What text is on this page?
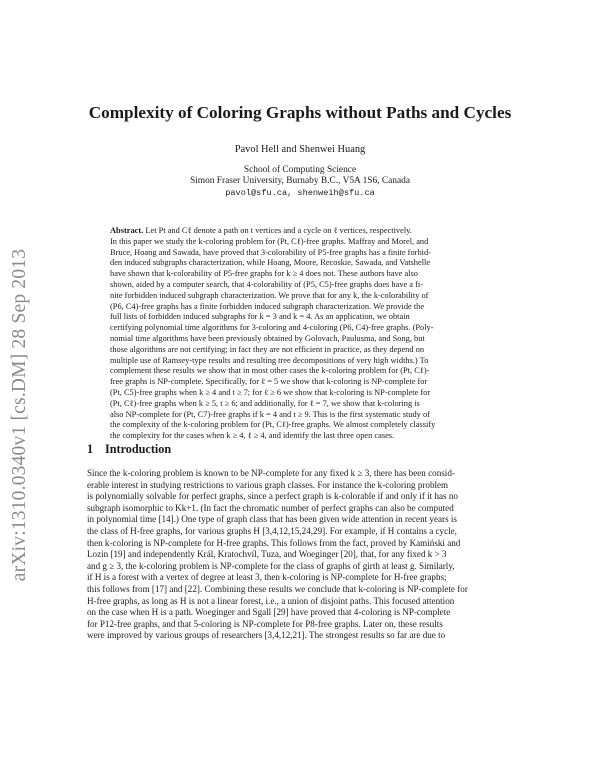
arXiv:1310.0340v1 [cs.DM] 28 Sep 2013
Complexity of Coloring Graphs without Paths and Cycles
Pavol Hell and Shenwei Huang
School of Computing Science
Simon Fraser University, Burnaby B.C., V5A 1S6, Canada
pavol@sfu.ca, shenweih@sfu.ca
Abstract. Let Pt and Cℓ denote a path on t vertices and a cycle on ℓ vertices, respectively.
In this paper we study the k-coloring problem for (Pt, Cℓ)-free graphs. Maffray and Morel, and
Bruce, Hoang and Sawada, have proved that 3-colorability of P5-free graphs has a finite forbid-
den induced subgraphs characterization, while Hoang, Moore, Recoskie, Sawada, and Vatshelle
have shown that k-colorability of P5-free graphs for k ≥ 4 does not. These authors have also
shown, aided by a computer search, that 4-colorability of (P5, C5)-free graphs does have a fi-
nite forbidden induced subgraph characterization. We prove that for any k, the k-colorability of
(P6, C4)-free graphs has a finite forbidden induced subgraph characterization. We provide the
full lists of forbidden induced subgraphs for k = 3 and k = 4. As an application, we obtain
certifying polynomial time algorithms for 3-coloring and 4-coloring (P6, C4)-free graphs. (Poly-
nomial time algorithms have been previously obtained by Golovach, Paulusma, and Song, but
those algorithms are not certifying; in fact they are not efficient in practice, as they depend on
multiple use of Ramsey-type results and resulting tree decompositions of very high widths.) To
complement these results we show that in most other cases the k-coloring problem for (Pt, Cℓ)-
free graphs is NP-complete. Specifically, for ℓ = 5 we show that k-coloring is NP-complete for
(Pt, C5)-free graphs when k ≥ 4 and t ≥ 7; for ℓ ≥ 6 we show that k-coloring is NP-complete for
(Pt, Cℓ)-free graphs when k ≥ 5, t ≥ 6; and additionally, for ℓ = 7, we show that k-coloring is
also NP-complete for (Pt, C7)-free graphs if k = 4 and t ≥ 9. This is the first systematic study of
the complexity of the k-coloring problem for (Pt, Cℓ)-free graphs. We almost completely classify
the complexity for the cases when k ≥ 4, ℓ ≥ 4, and identify the last three open cases.
1 Introduction
Since the k-coloring problem is known to be NP-complete for any fixed k ≥ 3, there has been consid-
erable interest in studying restrictions to various graph classes. For instance the k-coloring problem
is polynomially solvable for perfect graphs, since a perfect graph is k-colorable if and only if it has no
subgraph isomorphic to Kk+1. (In fact the chromatic number of perfect graphs can also be computed
in polynomial time [14].) One type of graph class that has been given wide attention in recent years is
the class of H-free graphs, for various graphs H [3,4,12,15,24,29]. For example, if H contains a cycle,
then k-coloring is NP-complete for H-free graphs. This follows from the fact, proved by Kamiński and
Lozin [19] and independently Král, Kratochvíl, Tuza, and Woeginger [20], that, for any fixed k > 3
and g ≥ 3, the k-coloring problem is NP-complete for the class of graphs of girth at least g. Similarly,
if H is a forest with a vertex of degree at least 3, then k-coloring is NP-complete for H-free graphs;
this follows from [17] and [22]. Combining these results we conclude that k-coloring is NP-complete for
H-free graphs, as long as H is not a linear forest, i.e., a union of disjoint paths. This focused attention
on the case when H is a path. Woeginger and Sgall [29] have proved that 4-coloring is NP-complete
for P12-free graphs, and that 5-coloring is NP-complete for P8-free graphs. Later on, these results
were improved by various groups of researchers [3,4,12,21]. The strongest results so far are due to
